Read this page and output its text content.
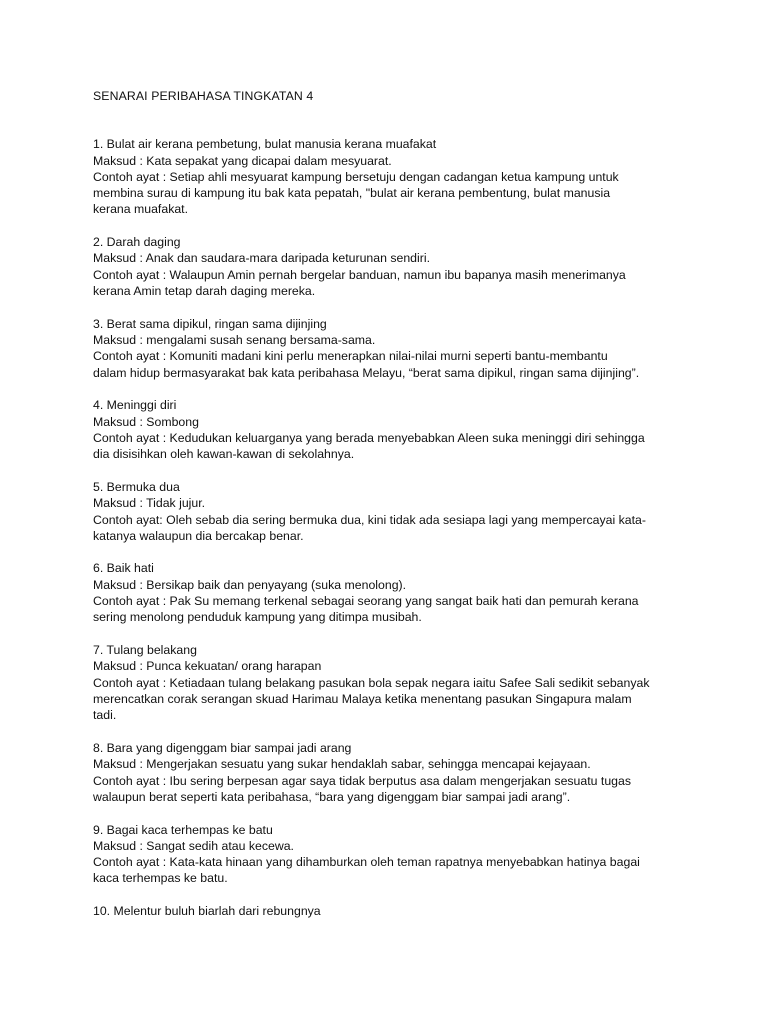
SENARAI PERIBAHASA TINGKATAN 4
1. Bulat air kerana pembetung, bulat manusia kerana muafakat
Maksud : Kata sepakat yang dicapai dalam mesyuarat.
Contoh ayat : Setiap ahli mesyuarat kampung bersetuju dengan cadangan ketua kampung untuk
membina surau di kampung itu bak kata pepatah, "bulat air kerana pembentung, bulat manusia
kerana muafakat.
2. Darah daging
Maksud : Anak dan saudara-mara daripada keturunan sendiri.
Contoh ayat : Walaupun Amin pernah bergelar banduan, namun ibu bapanya masih menerimanya
kerana Amin tetap darah daging mereka.
3. Berat sama dipikul, ringan sama dijinjing
Maksud : mengalami susah senang bersama-sama.
Contoh ayat : Komuniti madani kini perlu menerapkan nilai-nilai murni seperti bantu-membantu
dalam hidup bermasyarakat bak kata peribahasa Melayu, “berat sama dipikul, ringan sama dijinjing”.
4. Meninggi diri
Maksud : Sombong
Contoh ayat : Kedudukan keluarganya yang berada menyebabkan Aleen suka meninggi diri sehingga
dia disisihkan oleh kawan-kawan di sekolahnya.
5. Bermuka dua
Maksud : Tidak jujur.
Contoh ayat: Oleh sebab dia sering bermuka dua, kini tidak ada sesiapa lagi yang mempercayai kata-
katanya walaupun dia bercakap benar.
6. Baik hati
Maksud : Bersikap baik dan penyayang (suka menolong).
Contoh ayat : Pak Su memang terkenal sebagai seorang yang sangat baik hati dan pemurah kerana
sering menolong penduduk kampung yang ditimpa musibah.
7. Tulang belakang
Maksud : Punca kekuatan/ orang harapan
Contoh ayat : Ketiadaan tulang belakang pasukan bola sepak negara iaitu Safee Sali sedikit sebanyak
merencatkan corak serangan skuad Harimau Malaya ketika menentang pasukan Singapura malam
tadi.
8. Bara yang digenggam biar sampai jadi arang
Maksud : Mengerjakan sesuatu yang sukar hendaklah sabar, sehingga mencapai kejayaan.
Contoh ayat : Ibu sering berpesan agar saya tidak berputus asa dalam mengerjakan sesuatu tugas
walaupun berat seperti kata peribahasa, “bara yang digenggam biar sampai jadi arang”.
9. Bagai kaca terhempas ke batu
Maksud : Sangat sedih atau kecewa.
Contoh ayat : Kata-kata hinaan yang dihamburkan oleh teman rapatnya menyebabkan hatinya bagai
kaca terhempas ke batu.
10. Melentur buluh biarlah dari rebungnya
